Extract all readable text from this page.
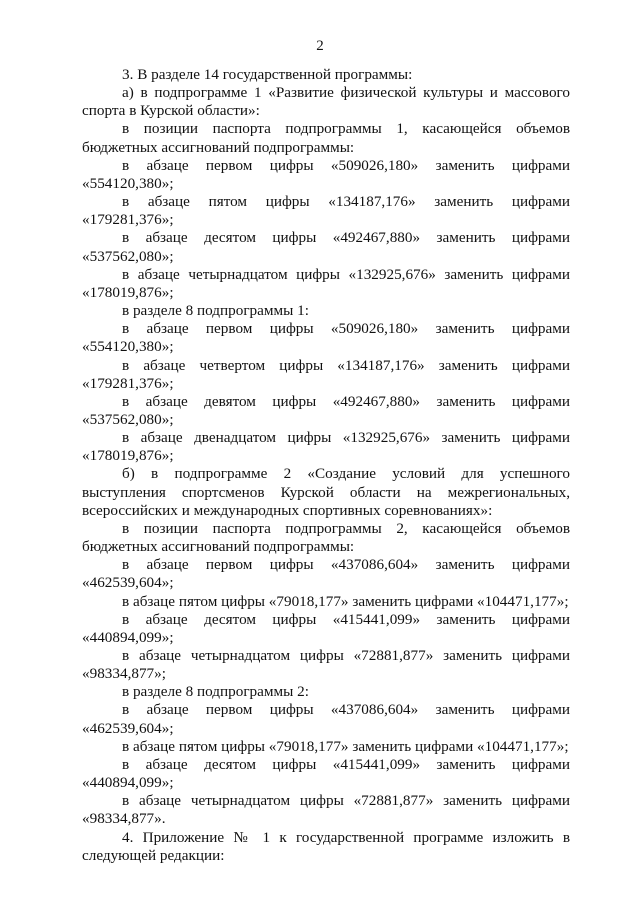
2

3. В разделе 14 государственной программы:

а) в подпрограмме 1 «Развитие физической культуры и массового спорта в Курской области»:

в позиции паспорта подпрограммы 1, касающейся объемов бюджетных ассигнований подпрограммы:

в абзаце первом цифры «509026,180» заменить цифрами «554120,380»;

в абзаце пятом цифры «134187,176» заменить цифрами «179281,376»;

в абзаце десятом цифры «492467,880» заменить цифрами «537562,080»;

в абзаце четырнадцатом цифры «132925,676» заменить цифрами «178019,876»;

в разделе 8 подпрограммы 1:

в абзаце первом цифры «509026,180» заменить цифрами «554120,380»;

в абзаце четвертом цифры «134187,176» заменить цифрами «179281,376»;

в абзаце девятом цифры «492467,880» заменить цифрами «537562,080»;

в абзаце двенадцатом цифры «132925,676» заменить цифрами «178019,876»;

б) в подпрограмме 2 «Создание условий для успешного выступления спортсменов Курской области на межрегиональных, всероссийских и международных спортивных соревнованиях»:

в позиции паспорта подпрограммы 2, касающейся объемов бюджетных ассигнований подпрограммы:

в абзаце первом цифры «437086,604» заменить цифрами «462539,604»;

в абзаце пятом цифры «79018,177» заменить цифрами «104471,177»;

в абзаце десятом цифры «415441,099» заменить цифрами «440894,099»;

в абзаце четырнадцатом цифры «72881,877» заменить цифрами «98334,877»;

в разделе 8 подпрограммы 2:

в абзаце первом цифры «437086,604» заменить цифрами «462539,604»;

в абзаце пятом цифры «79018,177» заменить цифрами «104471,177»;

в абзаце десятом цифры «415441,099» заменить цифрами «440894,099»;

в абзаце четырнадцатом цифры «72881,877» заменить цифрами «98334,877».

4. Приложение № 1 к государственной программе изложить в следующей редакции:
